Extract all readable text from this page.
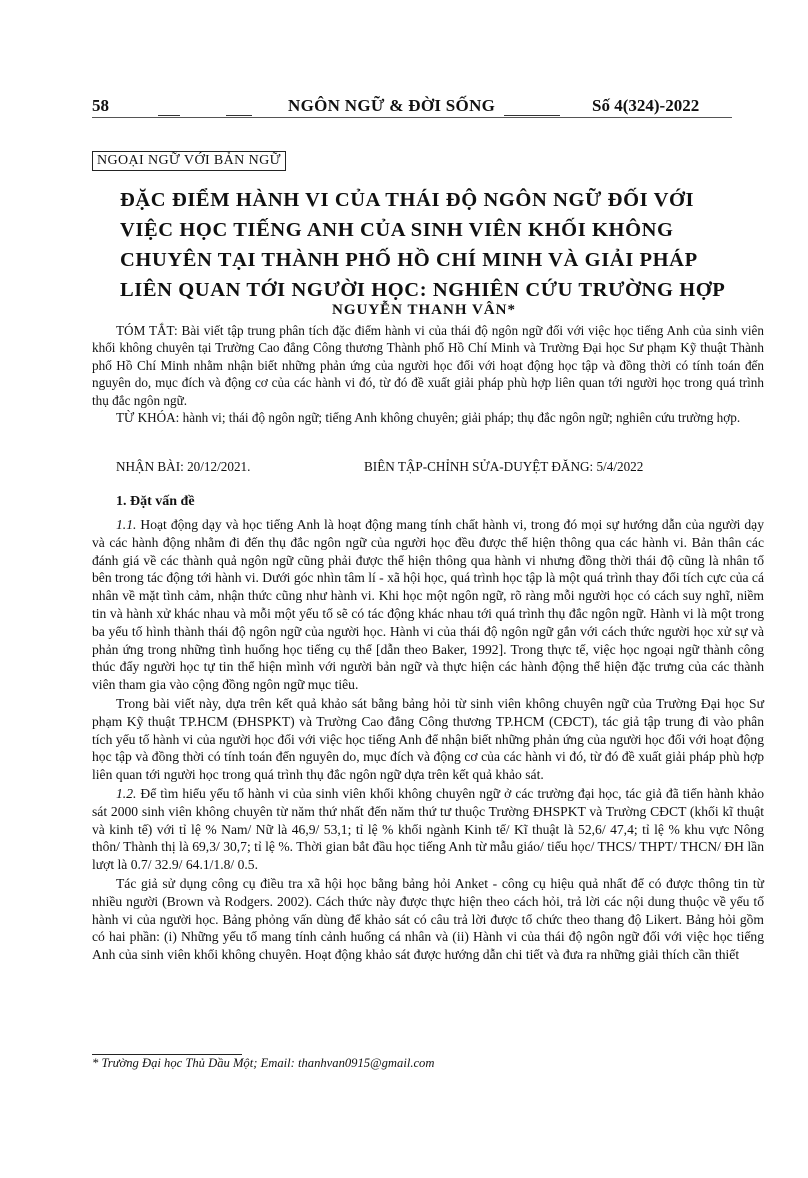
58	NGÔN NGỮ & ĐỜI SỐNG	Số 4(324)-2022
NGOẠI NGỮ VỚI BẢN NGỮ
ĐẶC ĐIỂM HÀNH VI CỦA THÁI ĐỘ NGÔN NGỮ ĐỐI VỚI
VIỆC HỌC TIẾNG ANH CỦA SINH VIÊN KHỐI KHÔNG
CHUYÊN TẠI THÀNH PHỐ HỒ CHÍ MINH VÀ GIẢI PHÁP
LIÊN QUAN TỚI NGƯỜI HỌC: NGHIÊN CỨU TRƯỜNG HỢP
NGUYỄN THANH VÂN*

TÓM TẮT: Bài viết tập trung phân tích đặc điểm hành vi của thái độ ngôn ngữ đối với việc học tiếng Anh của sinh viên khối không chuyên tại Trường Cao đẳng Công thương Thành phố Hồ Chí Minh và Trường Đại học Sư phạm Kỹ thuật Thành phố Hồ Chí Minh nhằm nhận biết những phản ứng của người học đối với hoạt động học tập và đồng thời có tính toán đến nguyên do, mục đích và động cơ của các hành vi đó, từ đó đề xuất giải pháp phù hợp liên quan tới người học trong quá trình thụ đắc ngôn ngữ.

TỪ KHÓA: hành vi; thái độ ngôn ngữ; tiếng Anh không chuyên; giải pháp; thụ đắc ngôn ngữ; nghiên cứu trường hợp.

NHẬN BÀI: 20/12/2021.	BIÊN TẬP-CHỈNH SỬA-DUYỆT ĐĂNG: 5/4/2022
1. Đặt vấn đề

1.1. Hoạt động dạy và học tiếng Anh là hoạt động mang tính chất hành vi, trong đó mọi sự hướng dẫn của người dạy và các hành động nhằm đi đến thụ đắc ngôn ngữ của người học đều được thể hiện thông qua các hành vi. Bản thân các đánh giá về các thành quả ngôn ngữ cũng phải được thể hiện thông qua hành vi nhưng đồng thời thái độ cũng là nhân tố bên trong tác động tới hành vi. Dưới góc nhìn tâm lí - xã hội học, quá trình học tập là một quá trình thay đổi tích cực của cá nhân về mặt tình cảm, nhận thức cũng như hành vi. Khi học một ngôn ngữ, rõ ràng mỗi người học có cách suy nghĩ, niềm tin và hành xử khác nhau và mỗi một yếu tố sẽ có tác động khác nhau tới quá trình thụ đắc ngôn ngữ. Hành vi là một trong ba yếu tố hình thành thái độ ngôn ngữ của người học. Hành vi của thái độ ngôn ngữ gắn với cách thức người học xử sự và phản ứng trong những tình huống học tiếng cụ thể [dẫn theo Baker, 1992]. Trong thực tế, việc học ngoại ngữ thành công thúc đẩy người học tự tin thể hiện mình với người bản ngữ và thực hiện các hành động thể hiện đặc trưng của các thành viên tham gia vào cộng đồng ngôn ngữ mục tiêu.

Trong bài viết này, dựa trên kết quả khảo sát bằng bảng hỏi từ sinh viên không chuyên ngữ của Trường Đại học Sư phạm Kỹ thuật TP.HCM (ĐHSPKT) và Trường Cao đẳng Công thương TP.HCM (CĐCT), tác giả tập trung đi vào phân tích yếu tố hành vi của người học đối với việc học tiếng Anh để nhận biết những phản ứng của người học đối với hoạt động học tập và đồng thời có tính toán đến nguyên do, mục đích và động cơ của các hành vi đó, từ đó đề xuất giải pháp phù hợp liên quan tới người học trong quá trình thụ đắc ngôn ngữ dựa trên kết quả khảo sát.

1.2. Để tìm hiểu yếu tố hành vi của sinh viên khối không chuyên ngữ ở các trường đại học, tác giả đã tiến hành khảo sát 2000 sinh viên không chuyên từ năm thứ nhất đến năm thứ tư thuộc Trường ĐHSPKT và Trường CĐCT (khối kĩ thuật và kinh tế) với tỉ lệ % Nam/ Nữ là 46,9/ 53,1; tỉ lệ % khối ngành Kinh tế/ Kĩ thuật là 52,6/ 47,4; tỉ lệ % khu vực Nông thôn/ Thành thị là 69,3/ 30,7; tỉ lệ %. Thời gian bắt đầu học tiếng Anh từ mẫu giáo/ tiểu học/ THCS/ THPT/ THCN/ ĐH lần lượt là 0.7/ 32.9/ 64.1/1.8/ 0.5.

Tác giả sử dụng công cụ điều tra xã hội học bằng bảng hỏi Anket - công cụ hiệu quả nhất để có được thông tin từ nhiều người (Brown và Rodgers. 2002). Cách thức này được thực hiện theo cách hỏi, trả lời các nội dung thuộc về yếu tố hành vi của người học. Bảng phỏng vấn dùng để khảo sát có câu trả lời được tổ chức theo thang độ Likert. Bảng hỏi gồm có hai phần: (i) Những yếu tố mang tính cảnh huống cá nhân và (ii) Hành vi của thái độ ngôn ngữ đối với việc học tiếng Anh của sinh viên khối không chuyên. Hoạt động khảo sát được hướng dẫn chi tiết và đưa ra những giải thích cần thiết

* Trường Đại học Thủ Dầu Một; Email: thanhvan0915@gmail.com
